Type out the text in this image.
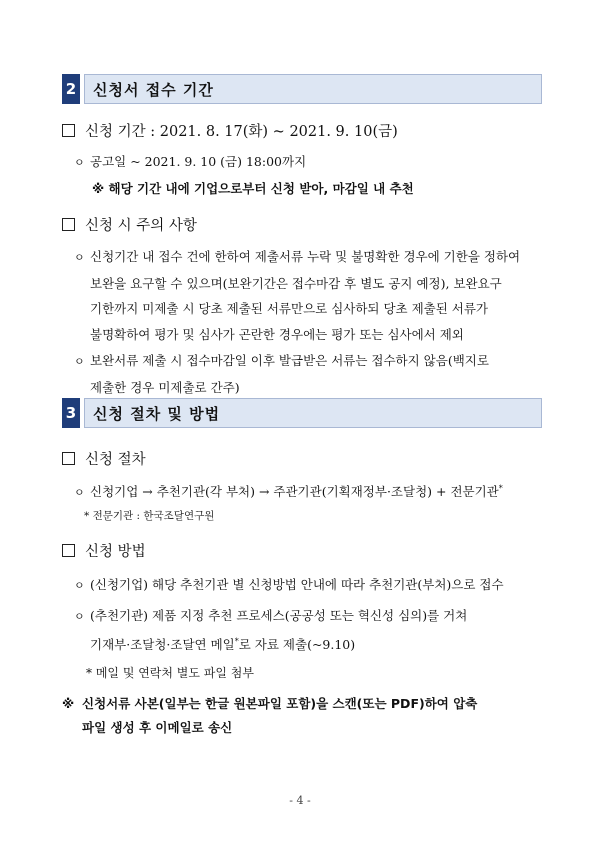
2	신청서 접수 기간
신청 기간 : 2021. 8. 17(화) ~ 2021. 9. 10(금)
ㅇ 공고일 ~ 2021. 9. 10 (금) 18:00까지
※ 해당 기간 내에 기업으로부터 신청 받아, 마감일 내 추천
신청 시 주의 사항
ㅇ 신청기간 내 접수 건에 한하여 제출서류 누락 및 불명확한 경우에 기한을 정하여
보완을 요구할 수 있으며(보완기간은 접수마감 후 별도 공지 예정), 보완요구
기한까지 미제출 시 당초 제출된 서류만으로 심사하되 당초 제출된 서류가
불명확하여 평가 및 심사가 곤란한 경우에는 평가 또는 심사에서 제외
ㅇ 보완서류 제출 시 접수마감일 이후 발급받은 서류는 접수하지 않음(백지로
제출한 경우 미제출로 간주)
3	신청 절차 및 방법
신청 절차
ㅇ 신청기업 → 추천기관(각 부처) → 주관기관(기획재정부·조달청) + 전문기관*
* 전문기관 : 한국조달연구원
신청 방법
ㅇ (신청기업) 해당 추천기관 별 신청방법 안내에 따라 추천기관(부처)으로 접수
ㅇ (추천기관) 제품 지정 추천 프로세스(공공성 또는 혁신성 심의)를 거쳐
기재부·조달청·조달연 메일*로 자료 제출(~9.10)
* 메일 및 연락처 별도 파일 첨부
※ 신청서류 사본(일부는 한글 원본파일 포함)을 스캔(또는 PDF)하여 압축
파일 생성 후 이메일로 송신
- 4 -
